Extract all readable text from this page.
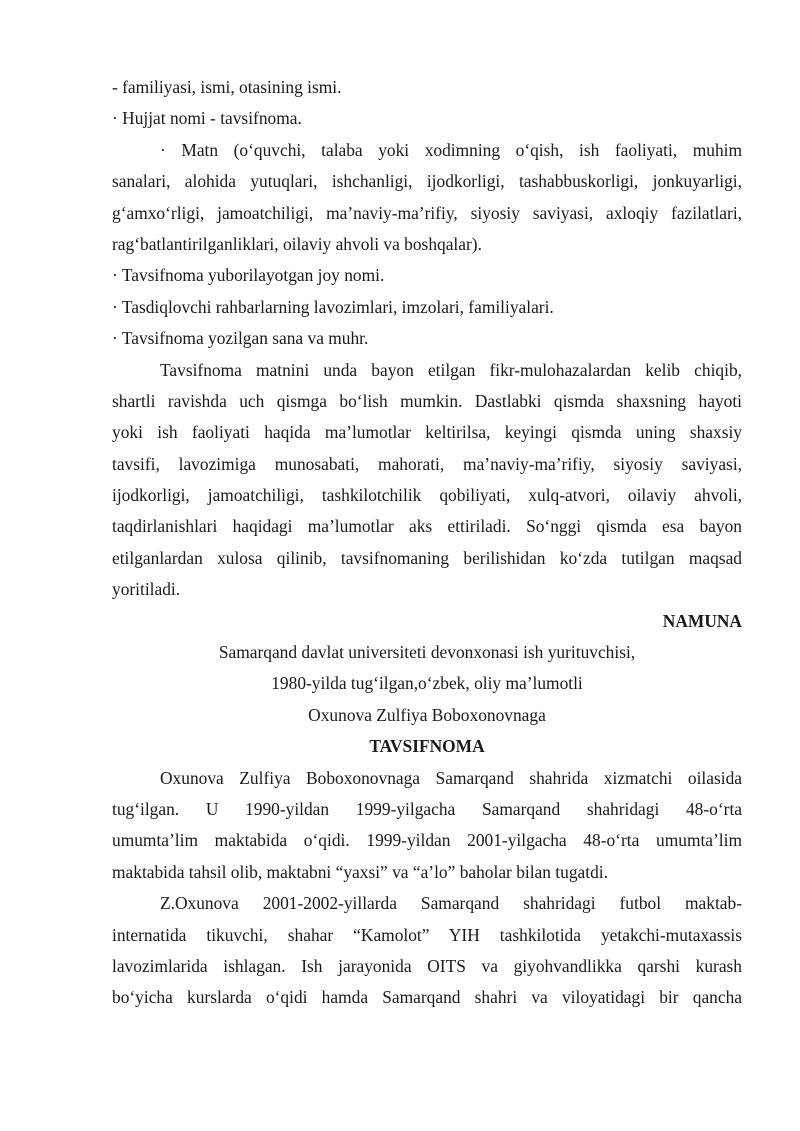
- familiyasi, ismi, otasining ismi.
· Hujjat nomi - tavsifnoma.
· Matn (o‘quvchi, talaba yoki xodimning o‘qish, ish faoliyati, muhim
sanalari, alohida yutuqlari, ishchanligi, ijodkorligi, tashabbuskorligi, jonkuyarligi,
g‘amxo‘rligi, jamoatchiligi, ma’naviy-ma’rifiy, siyosiy saviyasi, axloqiy fazilatlari,
rag‘batlantirilganliklari, oilaviy ahvoli va boshqalar).
· Tavsifnoma yuborilayotgan joy nomi.
· Tasdiqlovchi rahbarlarning lavozimlari, imzolari, familiyalari.
· Tavsifnoma yozilgan sana va muhr.
Tavsifnoma matnini unda bayon etilgan fikr-mulohazalardan kelib chiqib,
shartli ravishda uch qismga bo‘lish mumkin. Dastlabki qismda shaxsning hayoti
yoki ish faoliyati haqida ma’lumotlar keltirilsa, keyingi qismda uning shaxsiy
tavsifi, lavozimiga munosabati, mahorati, ma’naviy-ma’rifiy, siyosiy saviyasi,
ijodkorligi, jamoatchiligi, tashkilotchilik qobiliyati, xulq-atvori, oilaviy ahvoli,
taqdirlanishlari haqidagi ma’lumotlar aks ettiriladi. So‘nggi qismda esa bayon
etilganlardan xulosa qilinib, tavsifnomaning berilishidan ko‘zda tutilgan maqsad
yoritiladi.
NAMUNA
Samarqand davlat universiteti devonxonasi ish yurituvchisi,
1980-yilda tug‘ilgan,o‘zbek, oliy ma’lumotli
Oxunova Zulfiya Boboxonovnaga
TAVSIFNOMA
Oxunova Zulfiya Boboxonovnaga Samarqand shahrida xizmatchi oilasida
tug‘ilgan. U 1990-yildan 1999-yilgacha Samarqand shahridagi 48-o‘rta
umumta’lim maktabida o‘qidi. 1999-yildan 2001-yilgacha 48-o‘rta umumta’lim
maktabida tahsil olib, maktabni “yaxsi” va “a’lo” baholar bilan tugatdi.
Z.Oxunova 2001-2002-yillarda Samarqand shahridagi futbol maktab-
internatida tikuvchi, shahar “Kamolot” YIH tashkilotida yetakchi-mutaxassis
lavozimlarida ishlagan. Ish jarayonida OITS va giyohvandlikka qarshi kurash
bo‘yicha kurslarda o‘qidi hamda Samarqand shahri va viloyatidagi bir qancha
